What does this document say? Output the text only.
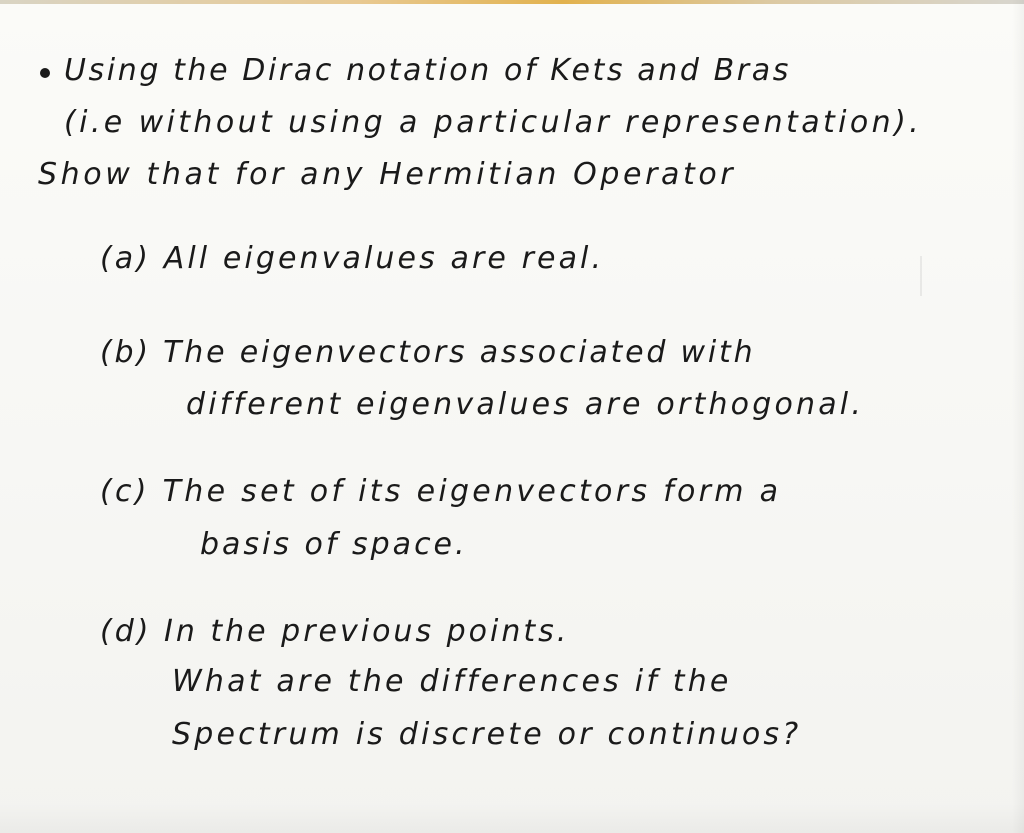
Using the Dirac notation of Kets and Bras

(i.e without using a particular representation).

Show that for any Hermitian Operator

(a) All eigenvalues are real.

(b) The eigenvectors associated with

different eigenvalues are orthogonal.

(c) The set of its eigenvectors form a

basis of space.

(d) In the previous points.

What are the differences if the

Spectrum is discrete or continuos?
